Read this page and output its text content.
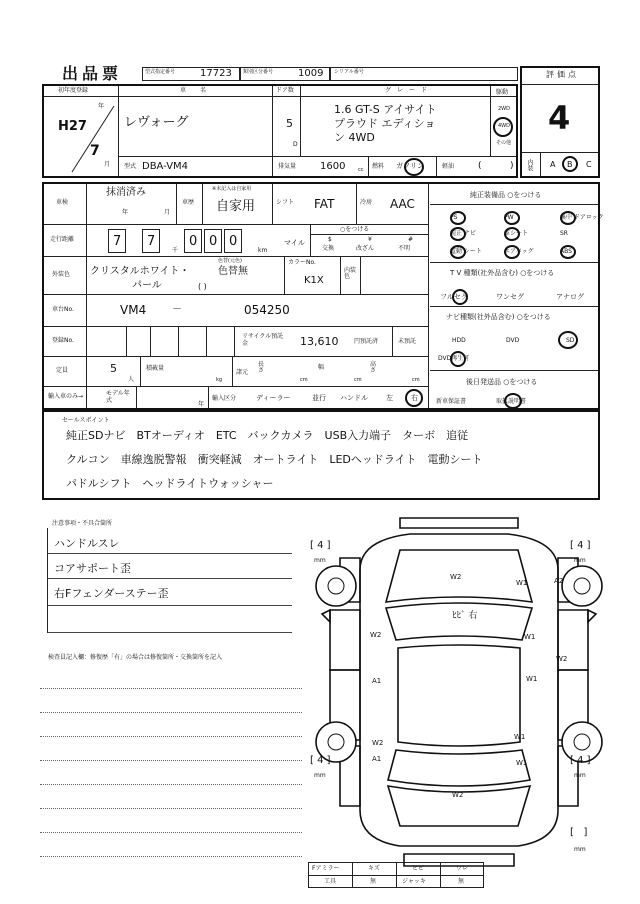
出品票	型式指定番号 17723 類別区分番号 1009 シリアル番号	評価点
4
内装 A B C
初年度登録
H27
年
7
月
車名
レヴォーグ
ドア数
5
D
グレード
1.6 GT-S アイサイト
プラウド エディショ
ン 4WD
駆動
2WD
4WD
その他
型式 DBA-VM4	排気量 1600	cc 燃料 ガソリン	軽油	(	)
車検
抹消済み
年	月
車歴
※未記入は自家用
自家用	シフト FAT	冷房 AAC
走行距離	7 7	0 0 0
千	km
マイル
○をつける
$
交換
¥
改ざん
#
不明
外装色 クリスタルホワイト・
パール
色替(元色)
色替無
( )
カラーNo.
K1X
内装色
車台No.	VM4	－	054250
登録No.
リサイクル預託金	13,610	円預託済	未預託
定員	5
人
積載量
kg
諸元
長さ
cm
幅
cm
高さ
cm
輸入車のみ→	モデル年式
年
輸入区分	ディーラー	並行 ハンドル	左	右
純正装備品 ○をつける
PS	PW	集中 ドアロック
純正 ナビ	革シート	SR
電動 シート	エアバッグ	ABS
T V 種類(社外品含む) ○をつける
フルセグ	ワンセグ	アナログ
ナビ種類(社外品含む) ○をつける
HDD	DVD	SD
DVD再生可
後日発送品 ○をつける
新車保証書	取扱説明書
セールスポイント
純正SDナビ　BTオーディオ　ETC　バックカメラ　USB入力端子　ターボ　追従
クルコン　車線逸脱警報　衝突軽減　オートライト　LEDヘッドライト　電動シート
パドルシフト　ヘッドライトウォッシャー
注意事項・不具合箇所
ハンドルスレ
コアサポート歪
右Fフェンダーステー歪
検査員記入欄：修復歴「有」の場合は修復箇所・交換箇所を記入
W2	A2
W1
W2
W2
W1
W1
W1
W2
W1
A1
A1
W2
ﾋﾋﾞ 右
[ 4 ]
mm
[ 4 ]
mm
[ 4 ]
mm
[ 4 ]
mm
[   ]
mm
Fアミラー	キズ	ヒビ	ワレ
工具	無	ジャッキ	無
